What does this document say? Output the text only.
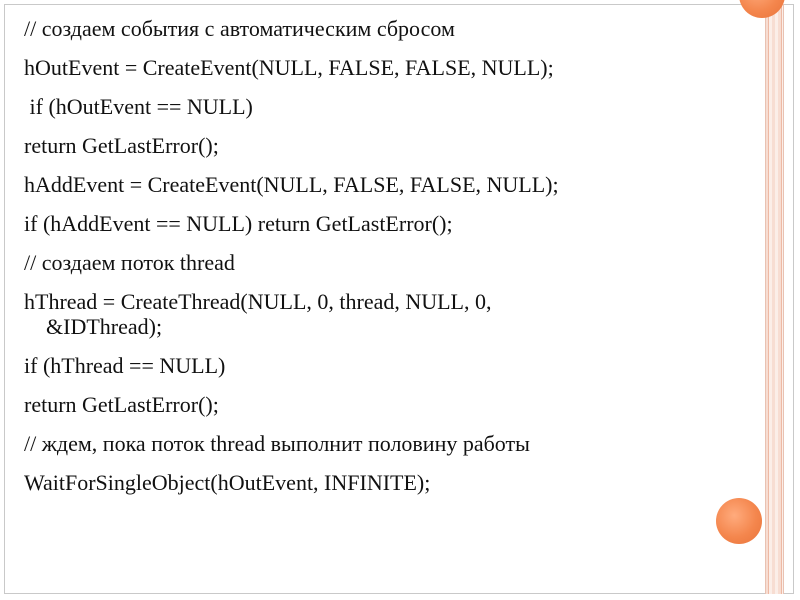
// создаем события с автоматическим сбросом

hOutEvent = CreateEvent(NULL, FALSE, FALSE, NULL);

if (hOutEvent == NULL)

return GetLastError();

hAddEvent = CreateEvent(NULL, FALSE, FALSE, NULL);

if (hAddEvent == NULL) return GetLastError();

// создаем поток thread

hThread = CreateThread(NULL, 0, thread, NULL, 0,

&IDThread);

if (hThread == NULL)

return GetLastError();

// ждем, пока поток thread выполнит половину работы

WaitForSingleObject(hOutEvent, INFINITE);
